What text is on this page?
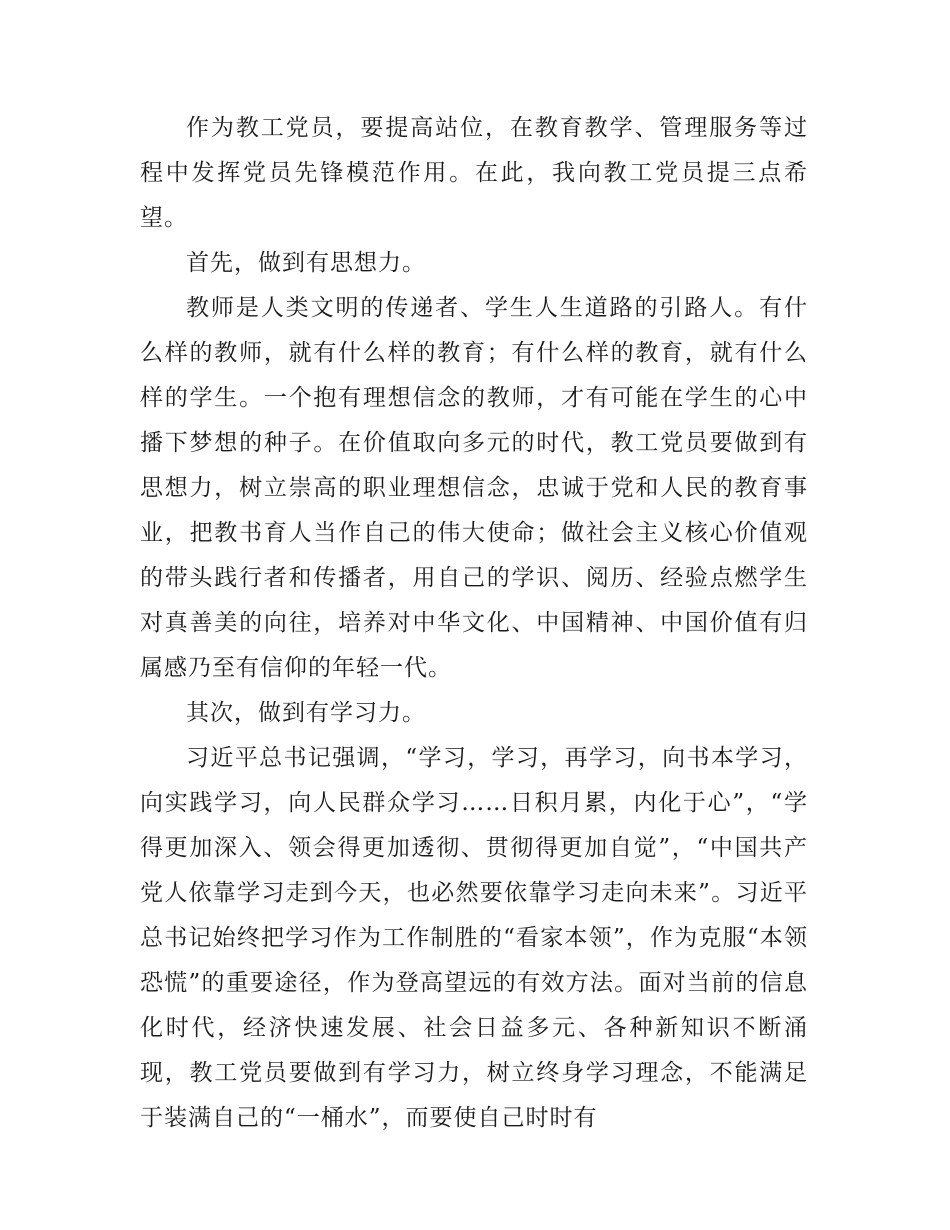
作为教工党员，要提高站位，在教育教学、管理服务等过程中发挥党员先锋模范作用。在此，我向教工党员提三点希望。

首先，做到有思想力。

教师是人类文明的传递者、学生人生道路的引路人。有什么样的教师，就有什么样的教育；有什么样的教育，就有什么样的学生。一个抱有理想信念的教师，才有可能在学生的心中播下梦想的种子。在价值取向多元的时代，教工党员要做到有思想力，树立崇高的职业理想信念，忠诚于党和人民的教育事业，把教书育人当作自己的伟大使命；做社会主义核心价值观的带头践行者和传播者，用自己的学识、阅历、经验点燃学生对真善美的向往，培养对中华文化、中国精神、中国价值有归属感乃至有信仰的年轻一代。

其次，做到有学习力。

习近平总书记强调，“学习，学习，再学习，向书本学习，向实践学习，向人民群众学习……日积月累，内化于心”，“学得更加深入、领会得更加透彻、贯彻得更加自觉”，“中国共产党人依靠学习走到今天，也必然要依靠学习走向未来”。习近平总书记始终把学习作为工作制胜的“看家本领”，作为克服“本领恐慌”的重要途径，作为登高望远的有效方法。面对当前的信息化时代，经济快速发展、社会日益多元、各种新知识不断涌现，教工党员要做到有学习力，树立终身学习理念，不能满足于装满自己的“一桶水”，而要使自己时时有
